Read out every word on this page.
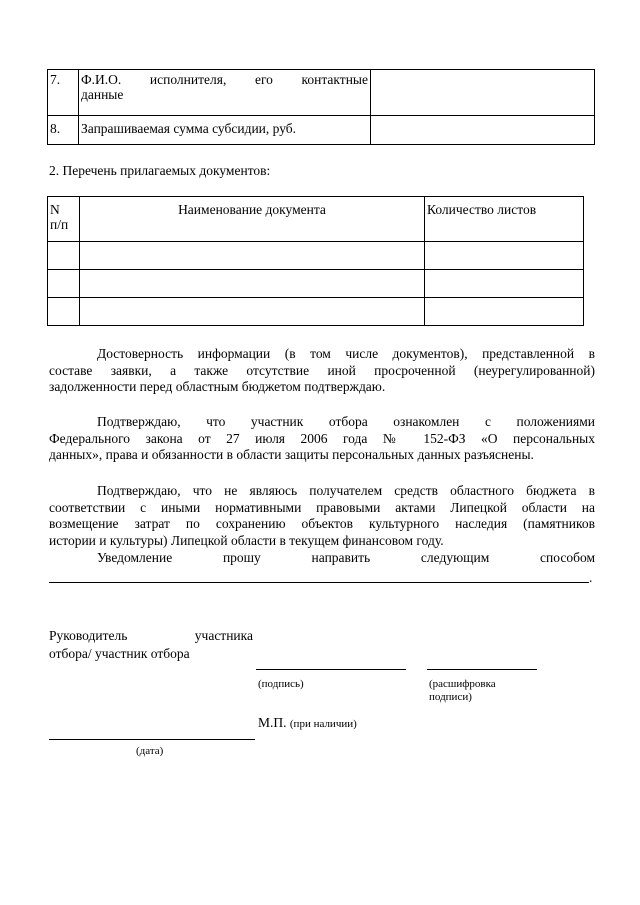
7.	Ф.И.О. исполнителя, его контактные
данные	

8.	Запрашиваемая сумма субсидии, руб.	

2. Перечень прилагаемых документов:
N
п/п	Наименование документа	Количество листов

Достоверность информации (в том числе документов), представленной в
составе заявки, а также отсутствие иной просроченной (неурегулированной)
задолженности перед областным бюджетом подтверждаю.
Подтверждаю, что участник отбора ознакомлен с положениями
Федерального закона от 27 июля 2006 года № 152-ФЗ «О персональных
данных», права и обязанности в области защиты персональных данных разъяснены.
Подтверждаю, что не являюсь получателем средств областного бюджета в
соответствии с иными нормативными правовыми актами Липецкой области на
возмещение затрат по сохранению объектов культурного наследия (памятников
истории и культуры) Липецкой области в текущем финансовом году.
Уведомление прошу направить следующим способом
.
Руководитель	участника
отбора/ участник отбора
(подпись)	(расшифровка
подписи)
М.П. (при наличии)
(дата)
